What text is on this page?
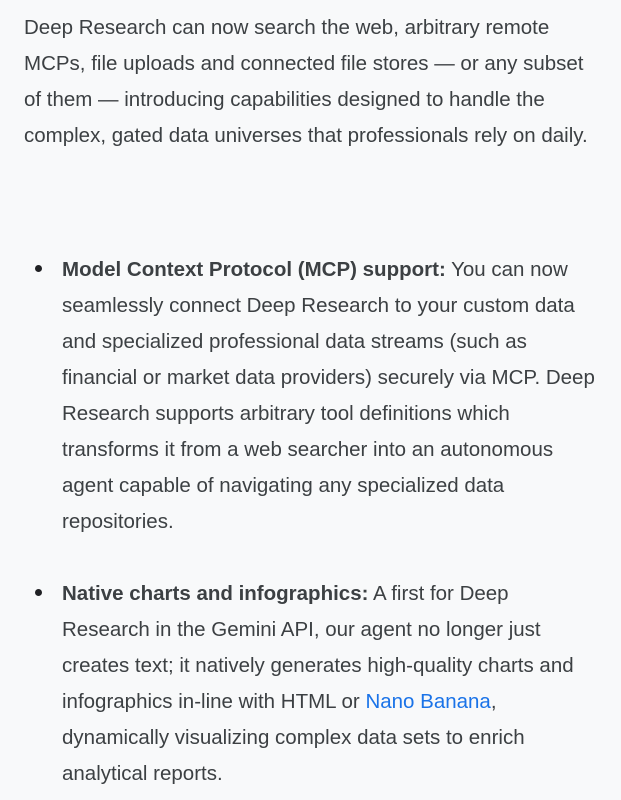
Deep Research can now search the web, arbitrary remote MCPs, file uploads and connected file stores — or any subset of them — introducing capabilities designed to handle the complex, gated data universes that professionals rely on daily.

Model Context Protocol (MCP) support: You can now seamlessly connect Deep Research to your custom data and specialized professional data streams (such as financial or market data providers) securely via MCP. Deep Research supports arbitrary tool definitions which transforms it from a web searcher into an autonomous agent capable of navigating any specialized data repositories.
Native charts and infographics: A first for Deep Research in the Gemini API, our agent no longer just creates text; it natively generates high-quality charts and infographics in-line with HTML or Nano Banana, dynamically visualizing complex data sets to enrich analytical reports.
